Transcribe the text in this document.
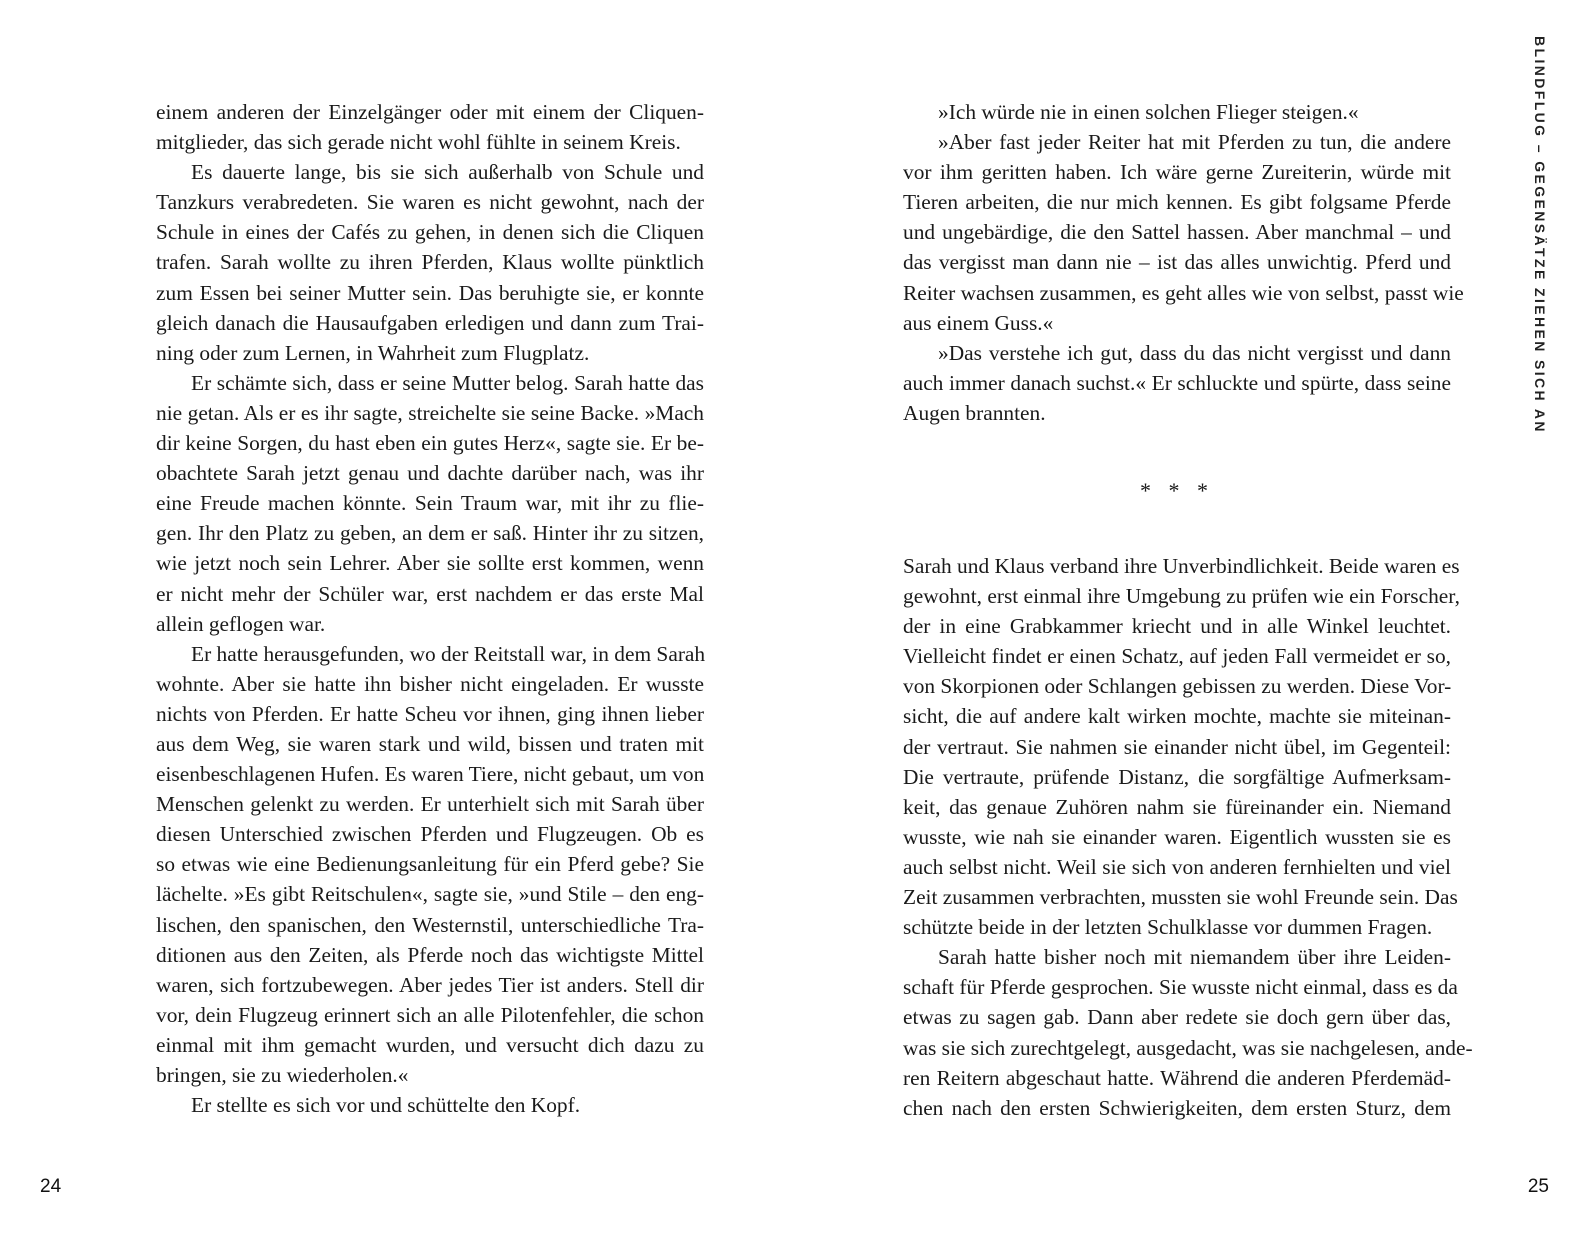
einem anderen der Einzelgänger oder mit einem der Cliquen-
mitglieder, das sich gerade nicht wohl fühlte in seinem Kreis.
Es dauerte lange, bis sie sich außerhalb von Schule und
Tanzkurs verabredeten. Sie waren es nicht gewohnt, nach der
Schule in eines der Cafés zu gehen, in denen sich die Cliquen
trafen. Sarah wollte zu ihren Pferden, Klaus wollte pünktlich
zum Essen bei seiner Mutter sein. Das beruhigte sie, er konnte
gleich danach die Hausaufgaben erledigen und dann zum Trai-
ning oder zum Lernen, in Wahrheit zum Flugplatz.
Er schämte sich, dass er seine Mutter belog. Sarah hatte das
nie getan. Als er es ihr sagte, streichelte sie seine Backe. »Mach
dir keine Sorgen, du hast eben ein gutes Herz«, sagte sie. Er be-
obachtete Sarah jetzt genau und dachte darüber nach, was ihr
eine Freude machen könnte. Sein Traum war, mit ihr zu flie-
gen. Ihr den Platz zu geben, an dem er saß. Hinter ihr zu sitzen,
wie jetzt noch sein Lehrer. Aber sie sollte erst kommen, wenn
er nicht mehr der Schüler war, erst nachdem er das erste Mal
allein geflogen war.
Er hatte herausgefunden, wo der Reitstall war, in dem Sarah
wohnte. Aber sie hatte ihn bisher nicht eingeladen. Er wusste
nichts von Pferden. Er hatte Scheu vor ihnen, ging ihnen lieber
aus dem Weg, sie waren stark und wild, bissen und traten mit
eisenbeschlagenen Hufen. Es waren Tiere, nicht gebaut, um von
Menschen gelenkt zu werden. Er unterhielt sich mit Sarah über
diesen Unterschied zwischen Pferden und Flugzeugen. Ob es
so etwas wie eine Bedienungsanleitung für ein Pferd gebe? Sie
lächelte. »Es gibt Reitschulen«, sagte sie, »und Stile – den eng-
lischen, den spanischen, den Westernstil, unterschiedliche Tra-
ditionen aus den Zeiten, als Pferde noch das wichtigste Mittel
waren, sich fortzubewegen. Aber jedes Tier ist anders. Stell dir
vor, dein Flugzeug erinnert sich an alle Pilotenfehler, die schon
einmal mit ihm gemacht wurden, und versucht dich dazu zu
bringen, sie zu wiederholen.«
Er stellte es sich vor und schüttelte den Kopf.
24
»Ich würde nie in einen solchen Flieger steigen.«
»Aber fast jeder Reiter hat mit Pferden zu tun, die andere
vor ihm geritten haben. Ich wäre gerne Zureiterin, würde mit
Tieren arbeiten, die nur mich kennen. Es gibt folgsame Pferde
und ungebärdige, die den Sattel hassen. Aber manchmal – und
das vergisst man dann nie – ist das alles unwichtig. Pferd und
Reiter wachsen zusammen, es geht alles wie von selbst, passt wie
aus einem Guss.«
»Das verstehe ich gut, dass du das nicht vergisst und dann
auch immer danach suchst.« Er schluckte und spürte, dass seine
Augen brannten.
* * *
Sarah und Klaus verband ihre Unverbindlichkeit. Beide waren es
gewohnt, erst einmal ihre Umgebung zu prüfen wie ein Forscher,
der in eine Grabkammer kriecht und in alle Winkel leuchtet.
Vielleicht findet er einen Schatz, auf jeden Fall vermeidet er so,
von Skorpionen oder Schlangen gebissen zu werden. Diese Vor-
sicht, die auf andere kalt wirken mochte, machte sie miteinan-
der vertraut. Sie nahmen sie einander nicht übel, im Gegenteil:
Die vertraute, prüfende Distanz, die sorgfältige Aufmerksam-
keit, das genaue Zuhören nahm sie füreinander ein. Niemand
wusste, wie nah sie einander waren. Eigentlich wussten sie es
auch selbst nicht. Weil sie sich von anderen fernhielten und viel
Zeit zusammen verbrachten, mussten sie wohl Freunde sein. Das
schützte beide in der letzten Schulklasse vor dummen Fragen.
Sarah hatte bisher noch mit niemandem über ihre Leiden-
schaft für Pferde gesprochen. Sie wusste nicht einmal, dass es da
etwas zu sagen gab. Dann aber redete sie doch gern über das,
was sie sich zurechtgelegt, ausgedacht, was sie nachgelesen, ande-
ren Reitern abgeschaut hatte. Während die anderen Pferdemäd-
chen nach den ersten Schwierigkeiten, dem ersten Sturz, dem
25
BLINDFLUG – GEGENSÄTZE ZIEHEN SICH AN
